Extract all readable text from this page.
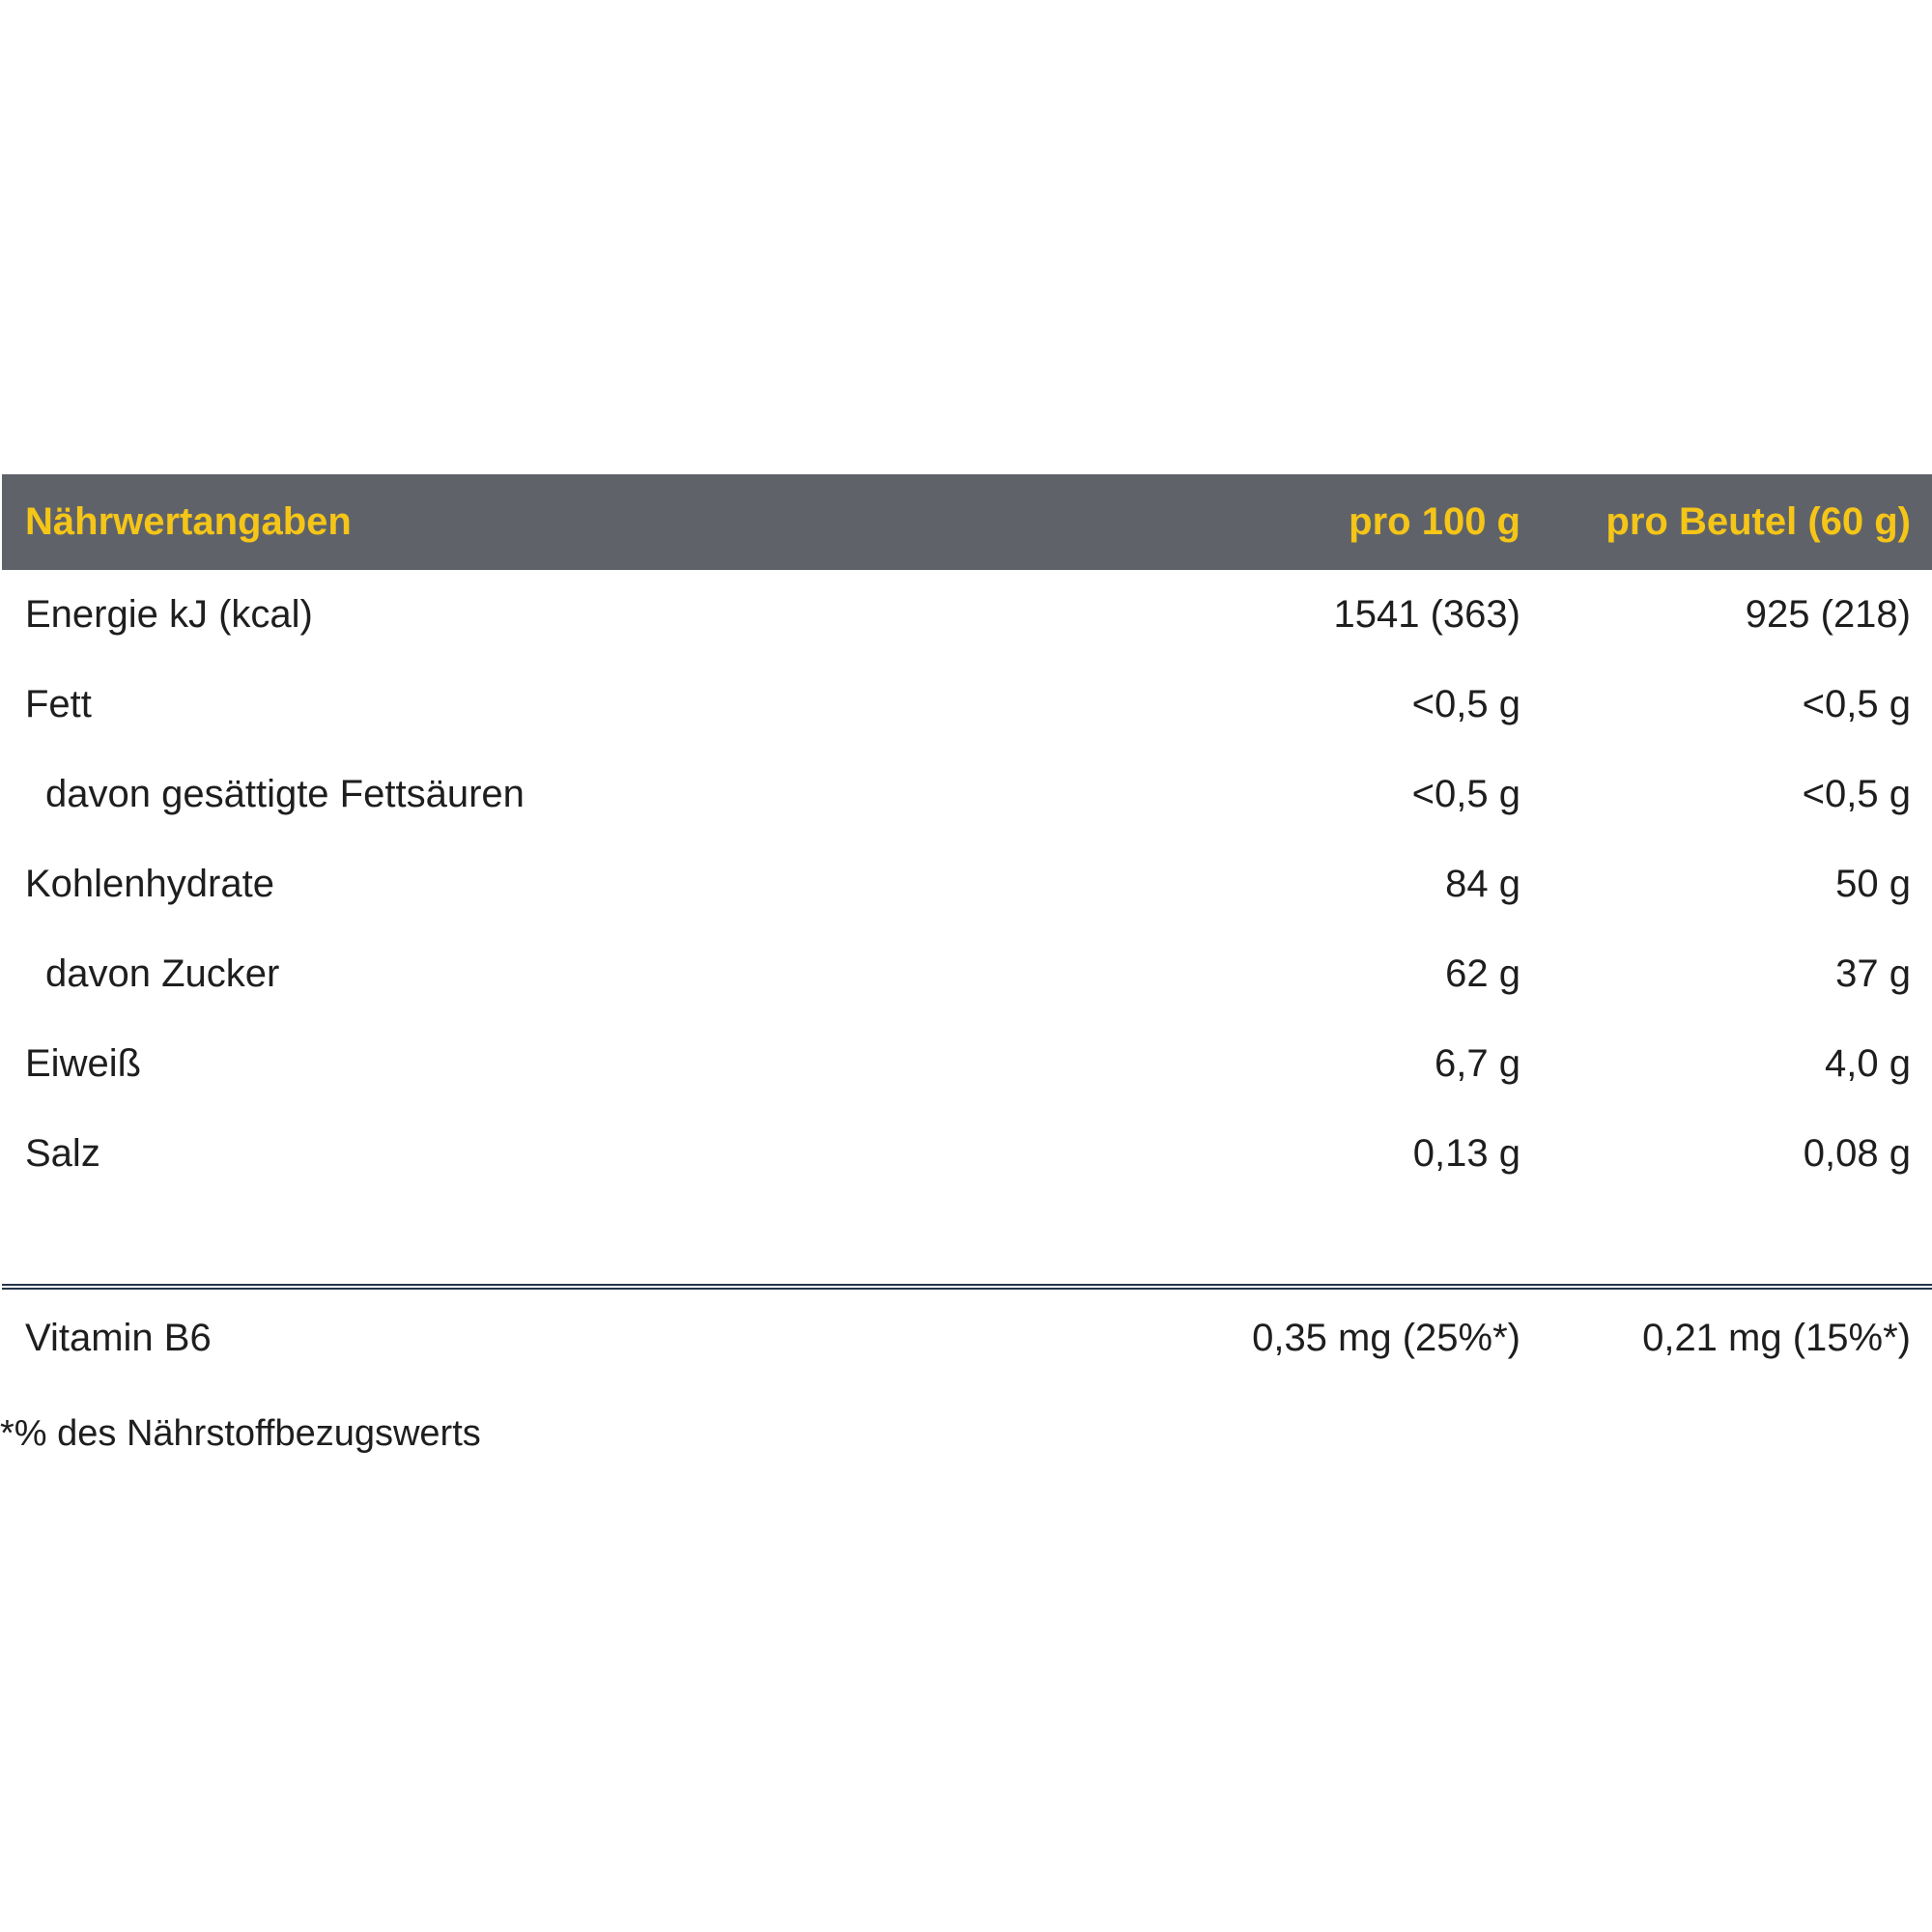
Nährwertangaben	pro 100 g	pro Beutel (60 g)
Energie kJ (kcal)	1541 (363)	925 (218)
Fett	<0,5 g	<0,5 g
davon gesättigte Fettsäuren	<0,5 g	<0,5 g
Kohlenhydrate	84 g	50 g
davon Zucker	62 g	37 g
Eiweiß	6,7 g	4,0 g
Salz	0,13 g	0,08 g
Vitamin B6	0,35 mg (25%*)	0,21 mg (15%*)
*% des Nährstoffbezugswerts
